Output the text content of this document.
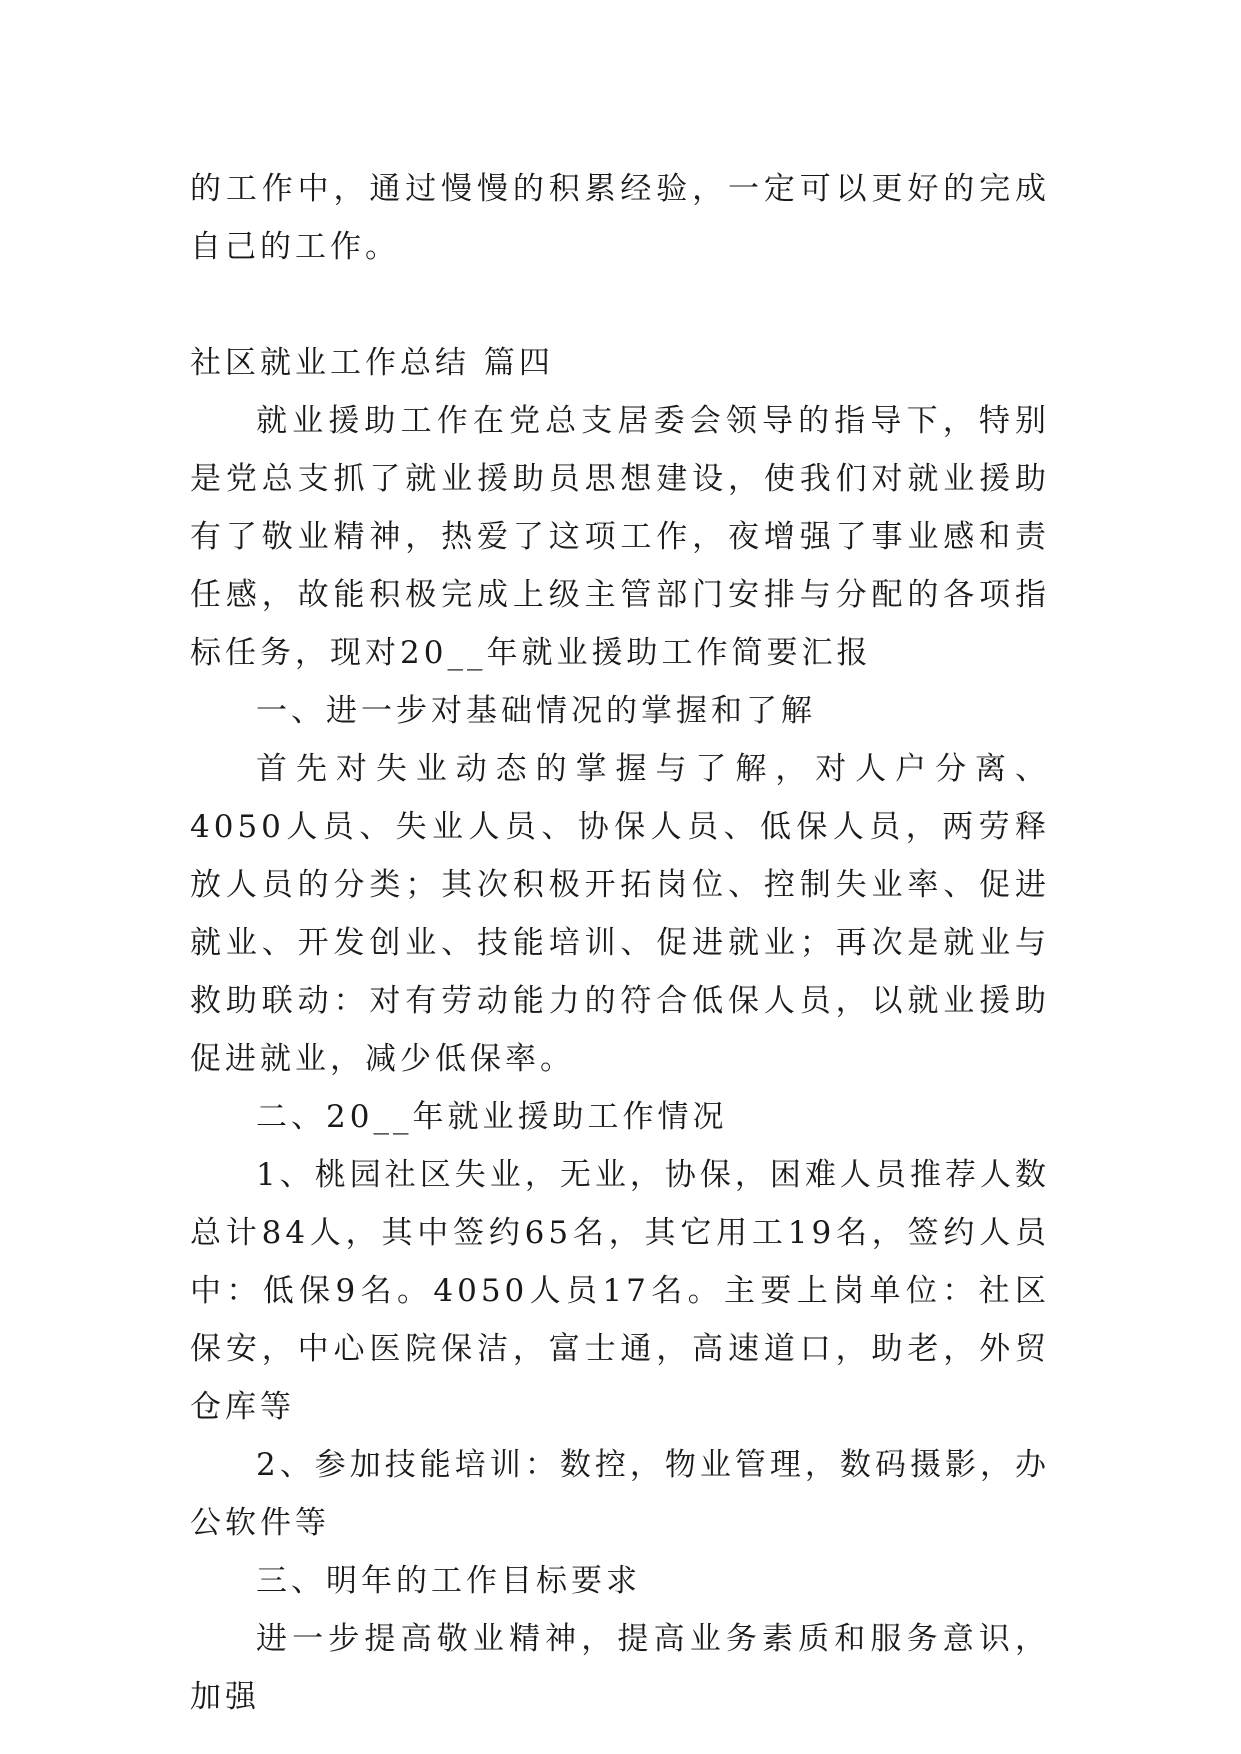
的工作中，通过慢慢的积累经验，一定可以更好的完成自己的工作。

社区就业工作总结 篇四

就业援助工作在党总支居委会领导的指导下，特别是党总支抓了就业援助员思想建设，使我们对就业援助有了敬业精神，热爱了这项工作，夜增强了事业感和责任感，故能积极完成上级主管部门安排与分配的各项指标任务，现对20__年就业援助工作简要汇报

一、进一步对基础情况的掌握和了解

首先对失业动态的掌握与了解，对人户分离、4050人员、失业人员、协保人员、低保人员，两劳释放人员的分类；其次积极开拓岗位、控制失业率、促进就业、开发创业、技能培训、促进就业；再次是就业与救助联动：对有劳动能力的符合低保人员，以就业援助促进就业，减少低保率。

二、20__年就业援助工作情况

1、桃园社区失业，无业，协保，困难人员推荐人数总计84人，其中签约65名，其它用工19名，签约人员中：低保9名。4050人员17名。主要上岗单位：社区保安，中心医院保洁，富士通，高速道口，助老，外贸仓库等

2、参加技能培训：数控，物业管理，数码摄影，办公软件等

三、明年的工作目标要求

进一步提高敬业精神，提高业务素质和服务意识，加强
